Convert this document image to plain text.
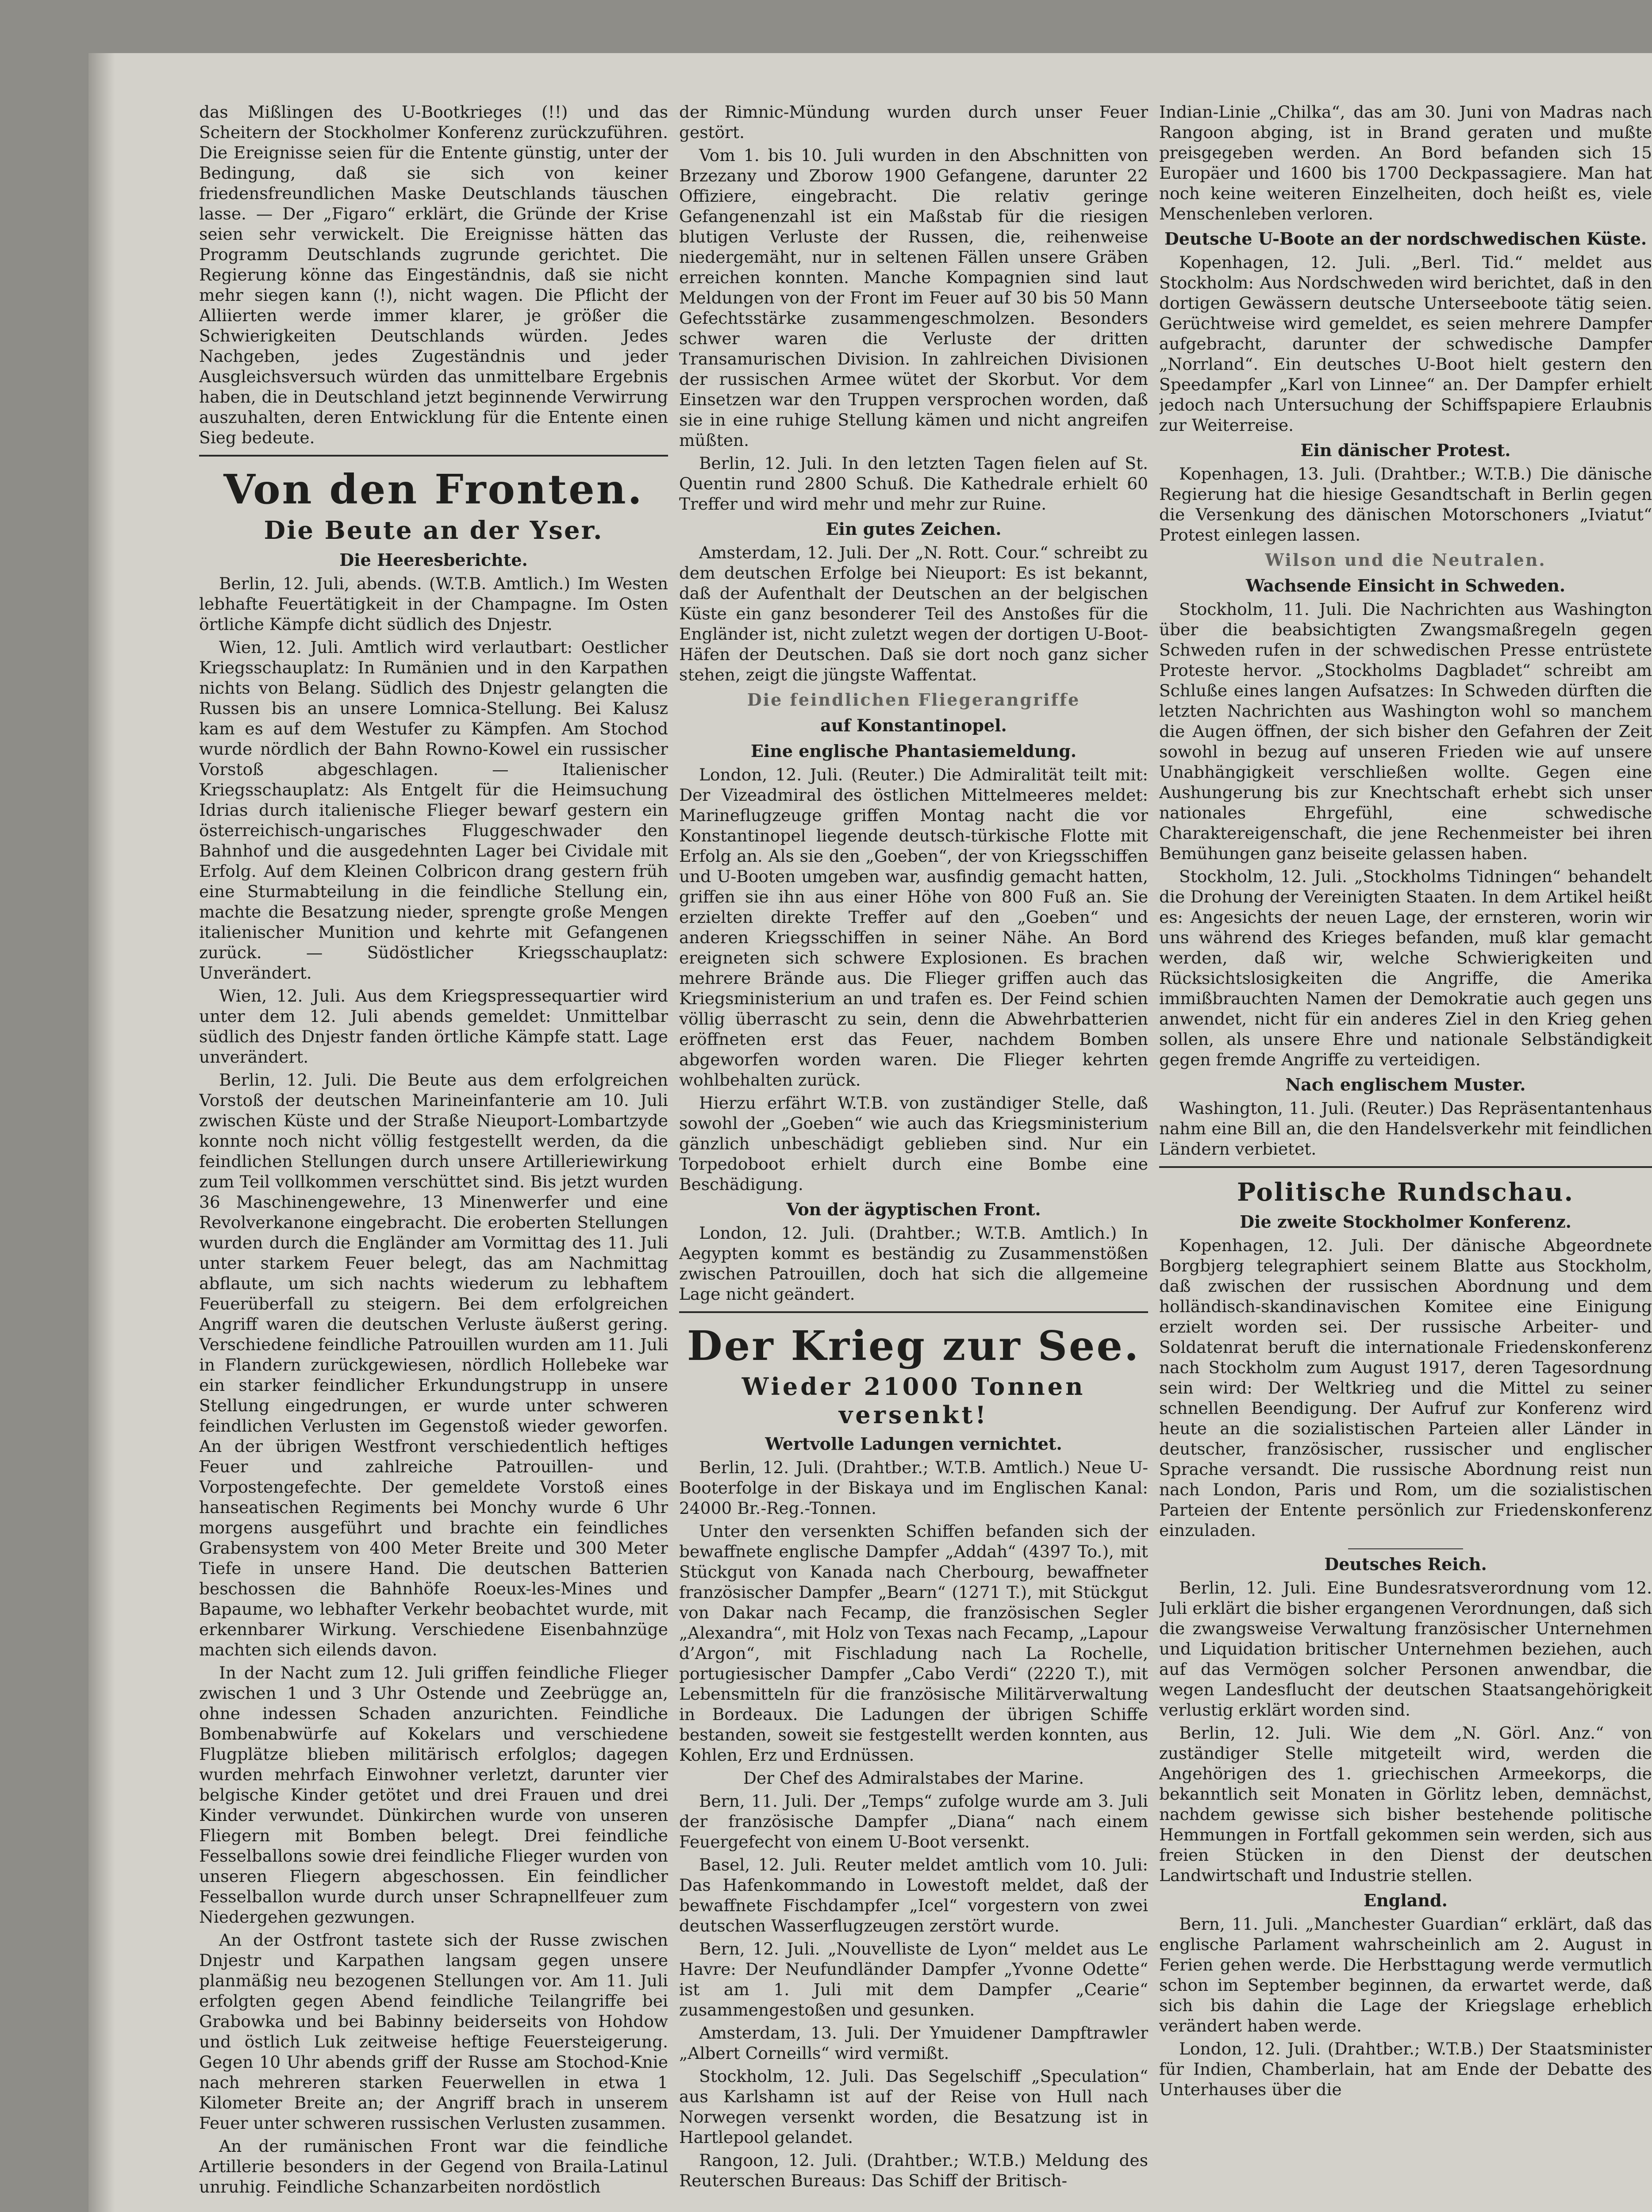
das Mißlingen des U-Bootkrieges (!!) und das Scheitern der Stockholmer Konferenz zurückzuführen. Die Ereignisse seien für die Entente günstig, unter der Bedingung, daß sie sich von keiner friedensfreundlichen Maske Deutschlands täuschen lasse. — Der „Figaro“ erklärt, die Gründe der Krise seien sehr verwickelt. Die Ereignisse hätten das Programm Deutschlands zugrunde gerichtet. Die Regierung könne das Eingeständnis, daß sie nicht mehr siegen kann (!), nicht wagen. Die Pflicht der Alliierten werde immer klarer, je größer die Schwierigkeiten Deutschlands würden. Jedes Nachgeben, jedes Zugeständnis und jeder Ausgleichsversuch würden das unmittelbare Ergebnis haben, die in Deutschland jetzt beginnende Verwirrung auszuhalten, deren Entwicklung für die Entente einen Sieg bedeute.

Von den Fronten.
Die Beute an der Yser.
Die Heeresberichte.

Berlin, 12. Juli, abends. (W.T.B. Amtlich.) Im Westen lebhafte Feuertätigkeit in der Champagne. Im Osten örtliche Kämpfe dicht südlich des Dnjestr.

Wien, 12. Juli. Amtlich wird verlautbart: Oestlicher Kriegsschauplatz: In Rumänien und in den Karpathen nichts von Belang. Südlich des Dnjestr gelangten die Russen bis an unsere Lomnica-Stellung. Bei Kalusz kam es auf dem Westufer zu Kämpfen. Am Stochod wurde nördlich der Bahn Rowno-Kowel ein russischer Vorstoß abgeschlagen. — Italienischer Kriegsschauplatz: Als Entgelt für die Heimsuchung Idrias durch italienische Flieger bewarf gestern ein österreichisch-ungarisches Fluggeschwader den Bahnhof und die ausgedehnten Lager bei Cividale mit Erfolg. Auf dem Kleinen Colbricon drang gestern früh eine Sturmabteilung in die feindliche Stellung ein, machte die Besatzung nieder, sprengte große Mengen italienischer Munition und kehrte mit Gefangenen zurück. — Südöstlicher Kriegsschauplatz: Unverändert.

Wien, 12. Juli. Aus dem Kriegspressequartier wird unter dem 12. Juli abends gemeldet: Unmittelbar südlich des Dnjestr fanden örtliche Kämpfe statt. Lage unverändert.

Berlin, 12. Juli. Die Beute aus dem erfolgreichen Vorstoß der deutschen Marineinfanterie am 10. Juli zwischen Küste und der Straße Nieuport-Lombartzyde konnte noch nicht völlig festgestellt werden, da die feindlichen Stellungen durch unsere Artilleriewirkung zum Teil vollkommen verschüttet sind. Bis jetzt wurden 36 Maschinengewehre, 13 Minenwerfer und eine Revolverkanone eingebracht. Die eroberten Stellungen wurden durch die Engländer am Vormittag des 11. Juli unter starkem Feuer belegt, das am Nachmittag abflaute, um sich nachts wiederum zu lebhaftem Feuerüberfall zu steigern. Bei dem erfolgreichen Angriff waren die deutschen Verluste äußerst gering. Verschiedene feindliche Patrouillen wurden am 11. Juli in Flandern zurückgewiesen, nördlich Hollebeke war ein starker feindlicher Erkundungstrupp in unsere Stellung eingedrungen, er wurde unter schweren feindlichen Verlusten im Gegenstoß wieder geworfen. An der übrigen Westfront verschiedentlich heftiges Feuer und zahlreiche Patrouillen- und Vorpostengefechte. Der gemeldete Vorstoß eines hanseatischen Regiments bei Monchy wurde 6 Uhr morgens ausgeführt und brachte ein feindliches Grabensystem von 400 Meter Breite und 300 Meter Tiefe in unsere Hand. Die deutschen Batterien beschossen die Bahnhöfe Roeux-les-Mines und Bapaume, wo lebhafter Verkehr beobachtet wurde, mit erkennbarer Wirkung. Verschiedene Eisenbahnzüge machten sich eilends davon.

In der Nacht zum 12. Juli griffen feindliche Flieger zwischen 1 und 3 Uhr Ostende und Zeebrügge an, ohne indessen Schaden anzurichten. Feindliche Bombenabwürfe auf Kokelars und verschiedene Flugplätze blieben militärisch erfolglos; dagegen wurden mehrfach Einwohner verletzt, darunter vier belgische Kinder getötet und drei Frauen und drei Kinder verwundet. Dünkirchen wurde von unseren Fliegern mit Bomben belegt. Drei feindliche Fesselballons sowie drei feindliche Flieger wurden von unseren Fliegern abgeschossen. Ein feindlicher Fesselballon wurde durch unser Schrapnellfeuer zum Niedergehen gezwungen.

An der Ostfront tastete sich der Russe zwischen Dnjestr und Karpathen langsam gegen unsere planmäßig neu bezogenen Stellungen vor. Am 11. Juli erfolgten gegen Abend feindliche Teilangriffe bei Grabowka und bei Babinny beiderseits von Hohdow und östlich Luk zeitweise heftige Feuersteigerung. Gegen 10 Uhr abends griff der Russe am Stochod-Knie nach mehreren starken Feuerwellen in etwa 1 Kilometer Breite an; der Angriff brach in unserem Feuer unter schweren russischen Verlusten zusammen.

An der rumänischen Front war die feindliche Artillerie besonders in der Gegend von Braila-Latinul unruhig. Feindliche Schanzarbeiten nordöstlich

der Rimnic-Mündung wurden durch unser Feuer gestört.

Vom 1. bis 10. Juli wurden in den Abschnitten von Brzezany und Zborow 1900 Gefangene, darunter 22 Offiziere, eingebracht. Die relativ geringe Gefangenenzahl ist ein Maßstab für die riesigen blutigen Verluste der Russen, die, reihenweise niedergemäht, nur in seltenen Fällen unsere Gräben erreichen konnten. Manche Kompagnien sind laut Meldungen von der Front im Feuer auf 30 bis 50 Mann Gefechtsstärke zusammengeschmolzen. Besonders schwer waren die Verluste der dritten Transamurischen Division. In zahlreichen Divisionen der russischen Armee wütet der Skorbut. Vor dem Einsetzen war den Truppen versprochen worden, daß sie in eine ruhige Stellung kämen und nicht angreifen müßten.

Berlin, 12. Juli. In den letzten Tagen fielen auf St. Quentin rund 2800 Schuß. Die Kathedrale erhielt 60 Treffer und wird mehr und mehr zur Ruine.

Ein gutes Zeichen.

Amsterdam, 12. Juli. Der „N. Rott. Cour.“ schreibt zu dem deutschen Erfolge bei Nieuport: Es ist bekannt, daß der Aufenthalt der Deutschen an der belgischen Küste ein ganz besonderer Teil des Anstoßes für die Engländer ist, nicht zuletzt wegen der dortigen U-Boot-Häfen der Deutschen. Daß sie dort noch ganz sicher stehen, zeigt die jüngste Waffentat.

Die feindlichen Fliegerangriffe
auf Konstantinopel.
Eine englische Phantasiemeldung.

London, 12. Juli. (Reuter.) Die Admiralität teilt mit: Der Vizeadmiral des östlichen Mittelmeeres meldet: Marineflugzeuge griffen Montag nacht die vor Konstantinopel liegende deutsch-türkische Flotte mit Erfolg an. Als sie den „Goeben“, der von Kriegsschiffen und U-Booten umgeben war, ausfindig gemacht hatten, griffen sie ihn aus einer Höhe von 800 Fuß an. Sie erzielten direkte Treffer auf den „Goeben“ und anderen Kriegsschiffen in seiner Nähe. An Bord ereigneten sich schwere Explosionen. Es brachen mehrere Brände aus. Die Flieger griffen auch das Kriegsministerium an und trafen es. Der Feind schien völlig überrascht zu sein, denn die Abwehrbatterien eröffneten erst das Feuer, nachdem Bomben abgeworfen worden waren. Die Flieger kehrten wohlbehalten zurück.

Hierzu erfährt W.T.B. von zuständiger Stelle, daß sowohl der „Goeben“ wie auch das Kriegsministerium gänzlich unbeschädigt geblieben sind. Nur ein Torpedoboot erhielt durch eine Bombe eine Beschädigung.

Von der ägyptischen Front.

London, 12. Juli. (Drahtber.; W.T.B. Amtlich.) In Aegypten kommt es beständig zu Zusammenstößen zwischen Patrouillen, doch hat sich die allgemeine Lage nicht geändert.

Der Krieg zur See.
Wieder 21000 Tonnen versenkt!
Wertvolle Ladungen vernichtet.

Berlin, 12. Juli. (Drahtber.; W.T.B. Amtlich.) Neue U-Booterfolge in der Biskaya und im Englischen Kanal: 24000 Br.-Reg.-Tonnen.

Unter den versenkten Schiffen befanden sich der bewaffnete englische Dampfer „Addah“ (4397 To.), mit Stückgut von Kanada nach Cherbourg, bewaffneter französischer Dampfer „Bearn“ (1271 T.), mit Stückgut von Dakar nach Fecamp, die französischen Segler „Alexandra“, mit Holz von Texas nach Fecamp, „Lapour d’Argon“, mit Fischladung nach La Rochelle, portugiesischer Dampfer „Cabo Verdi“ (2220 T.), mit Lebensmitteln für die französische Militärverwaltung in Bordeaux. Die Ladungen der übrigen Schiffe bestanden, soweit sie festgestellt werden konnten, aus Kohlen, Erz und Erdnüssen.

Der Chef des Admiralstabes der Marine.

Bern, 11. Juli. Der „Temps“ zufolge wurde am 3. Juli der französische Dampfer „Diana“ nach einem Feuergefecht von einem U-Boot versenkt.

Basel, 12. Juli. Reuter meldet amtlich vom 10. Juli: Das Hafenkommando in Lowestoft meldet, daß der bewaffnete Fischdampfer „Icel“ vorgestern von zwei deutschen Wasserflugzeugen zerstört wurde.

Bern, 12. Juli. „Nouvelliste de Lyon“ meldet aus Le Havre: Der Neufundländer Dampfer „Yvonne Odette“ ist am 1. Juli mit dem Dampfer „Cearie“ zusammengestoßen und gesunken.

Amsterdam, 13. Juli. Der Ymuidener Dampftrawler „Albert Corneills“ wird vermißt.

Stockholm, 12. Juli. Das Segelschiff „Speculation“ aus Karlshamn ist auf der Reise von Hull nach Norwegen versenkt worden, die Besatzung ist in Hartlepool gelandet.

Rangoon, 12. Juli. (Drahtber.; W.T.B.) Meldung des Reuterschen Bureaus: Das Schiff der Britisch-

Indian-Linie „Chilka“, das am 30. Juni von Madras nach Rangoon abging, ist in Brand geraten und mußte preisgegeben werden. An Bord befanden sich 15 Europäer und 1600 bis 1700 Deckpassagiere. Man hat noch keine weiteren Einzelheiten, doch heißt es, viele Menschenleben verloren.

Deutsche U-Boote an der nordschwedischen Küste.

Kopenhagen, 12. Juli. „Berl. Tid.“ meldet aus Stockholm: Aus Nordschweden wird berichtet, daß in den dortigen Gewässern deutsche Unterseeboote tätig seien. Gerüchtweise wird gemeldet, es seien mehrere Dampfer aufgebracht, darunter der schwedische Dampfer „Norrland“. Ein deutsches U-Boot hielt gestern den Speedampfer „Karl von Linnee“ an. Der Dampfer erhielt jedoch nach Untersuchung der Schiffspapiere Erlaubnis zur Weiterreise.

Ein dänischer Protest.

Kopenhagen, 13. Juli. (Drahtber.; W.T.B.) Die dänische Regierung hat die hiesige Gesandtschaft in Berlin gegen die Versenkung des dänischen Motorschoners „Iviatut“ Protest einlegen lassen.

Wilson und die Neutralen.
Wachsende Einsicht in Schweden.

Stockholm, 11. Juli. Die Nachrichten aus Washington über die beabsichtigten Zwangsmaßregeln gegen Schweden rufen in der schwedischen Presse entrüstete Proteste hervor. „Stockholms Dagbladet“ schreibt am Schluße eines langen Aufsatzes: In Schweden dürften die letzten Nachrichten aus Washington wohl so manchem die Augen öffnen, der sich bisher den Gefahren der Zeit sowohl in bezug auf unseren Frieden wie auf unsere Unabhängigkeit verschließen wollte. Gegen eine Aushungerung bis zur Knechtschaft erhebt sich unser nationales Ehrgefühl, eine schwedische Charaktereigenschaft, die jene Rechenmeister bei ihren Bemühungen ganz beiseite gelassen haben.

Stockholm, 12. Juli. „Stockholms Tidningen“ behandelt die Drohung der Vereinigten Staaten. In dem Artikel heißt es: Angesichts der neuen Lage, der ernsteren, worin wir uns während des Krieges befanden, muß klar gemacht werden, daß wir, welche Schwierigkeiten und Rücksichtslosigkeiten die Angriffe, die Amerika immißbrauchten Namen der Demokratie auch gegen uns anwendet, nicht für ein anderes Ziel in den Krieg gehen sollen, als unsere Ehre und nationale Selbständigkeit gegen fremde Angriffe zu verteidigen.

Nach englischem Muster.

Washington, 11. Juli. (Reuter.) Das Repräsentantenhaus nahm eine Bill an, die den Handelsverkehr mit feindlichen Ländern verbietet.

Politische Rundschau.
Die zweite Stockholmer Konferenz.

Kopenhagen, 12. Juli. Der dänische Abgeordnete Borgbjerg telegraphiert seinem Blatte aus Stockholm, daß zwischen der russischen Abordnung und dem holländisch-skandinavischen Komitee eine Einigung erzielt worden sei. Der russische Arbeiter- und Soldatenrat beruft die internationale Friedenskonferenz nach Stockholm zum August 1917, deren Tagesordnung sein wird: Der Weltkrieg und die Mittel zu seiner schnellen Beendigung. Der Aufruf zur Konferenz wird heute an die sozialistischen Parteien aller Länder in deutscher, französischer, russischer und englischer Sprache versandt. Die russische Abordnung reist nun nach London, Paris und Rom, um die sozialistischen Parteien der Entente persönlich zur Friedenskonferenz einzuladen.

Deutsches Reich.

Berlin, 12. Juli. Eine Bundesratsverordnung vom 12. Juli erklärt die bisher ergangenen Verordnungen, daß sich die zwangsweise Verwaltung französischer Unternehmen und Liquidation britischer Unternehmen beziehen, auch auf das Vermögen solcher Personen anwendbar, die wegen Landesflucht der deutschen Staatsangehörigkeit verlustig erklärt worden sind.

Berlin, 12. Juli. Wie dem „N. Görl. Anz.“ von zuständiger Stelle mitgeteilt wird, werden die Angehörigen des 1. griechischen Armeekorps, die bekanntlich seit Monaten in Görlitz leben, demnächst, nachdem gewisse sich bisher bestehende politische Hemmungen in Fortfall gekommen sein werden, sich aus freien Stücken in den Dienst der deutschen Landwirtschaft und Industrie stellen.

England.

Bern, 11. Juli. „Manchester Guardian“ erklärt, daß das englische Parlament wahrscheinlich am 2. August in Ferien gehen werde. Die Herbsttagung werde vermutlich schon im September beginnen, da erwartet werde, daß sich bis dahin die Lage der Kriegslage erheblich verändert haben werde.

London, 12. Juli. (Drahtber.; W.T.B.) Der Staatsminister für Indien, Chamberlain, hat am Ende der Debatte des Unterhauses über die
